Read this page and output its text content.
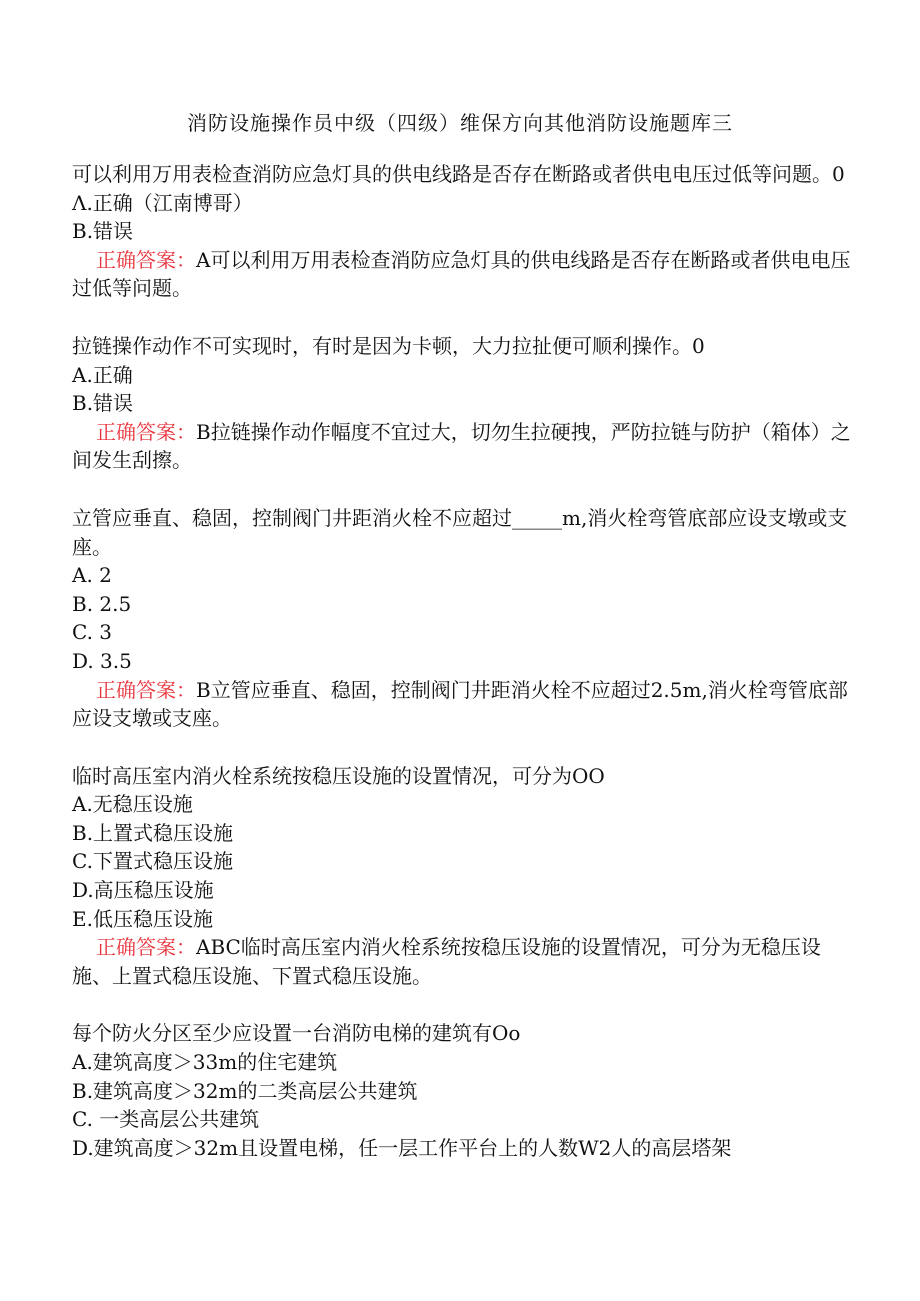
消防设施操作员中级（四级）维保方向其他消防设施题库三

可以利用万用表检查消防应急灯具的供电线路是否存在断路或者供电电压过低等问题。0

Λ.正确（江南博哥）

B.错误

正确答案：A可以利用万用表检查消防应急灯具的供电线路是否存在断路或者供电电压过低等问题。

拉链操作动作不可实现时，有时是因为卡顿，大力拉扯便可顺利操作。0

A.正确

B.错误

正确答案：B拉链操作动作幅度不宜过大，切勿生拉硬拽，严防拉链与防护（箱体）之间发生刮擦。

立管应垂直、稳固，控制阀门井距消火栓不应超过_____m,消火栓弯管底部应设支墩或支座。

A. 2

B. 2.5

C. 3

D. 3.5

正确答案：B立管应垂直、稳固，控制阀门井距消火栓不应超过2.5m,消火栓弯管底部应设支墩或支座。

临时高压室内消火栓系统按稳压设施的设置情况，可分为OO

A.无稳压设施

B.上置式稳压设施

C.下置式稳压设施

D.高压稳压设施

E.低压稳压设施

正确答案：ABC临时高压室内消火栓系统按稳压设施的设置情况，可分为无稳压设施、上置式稳压设施、下置式稳压设施。

每个防火分区至少应设置一台消防电梯的建筑有Oo

A.建筑高度＞33m的住宅建筑

B.建筑高度＞32m的二类高层公共建筑

C. 一类高层公共建筑

D.建筑高度＞32m且设置电梯，任一层工作平台上的人数W2人的高层塔架
